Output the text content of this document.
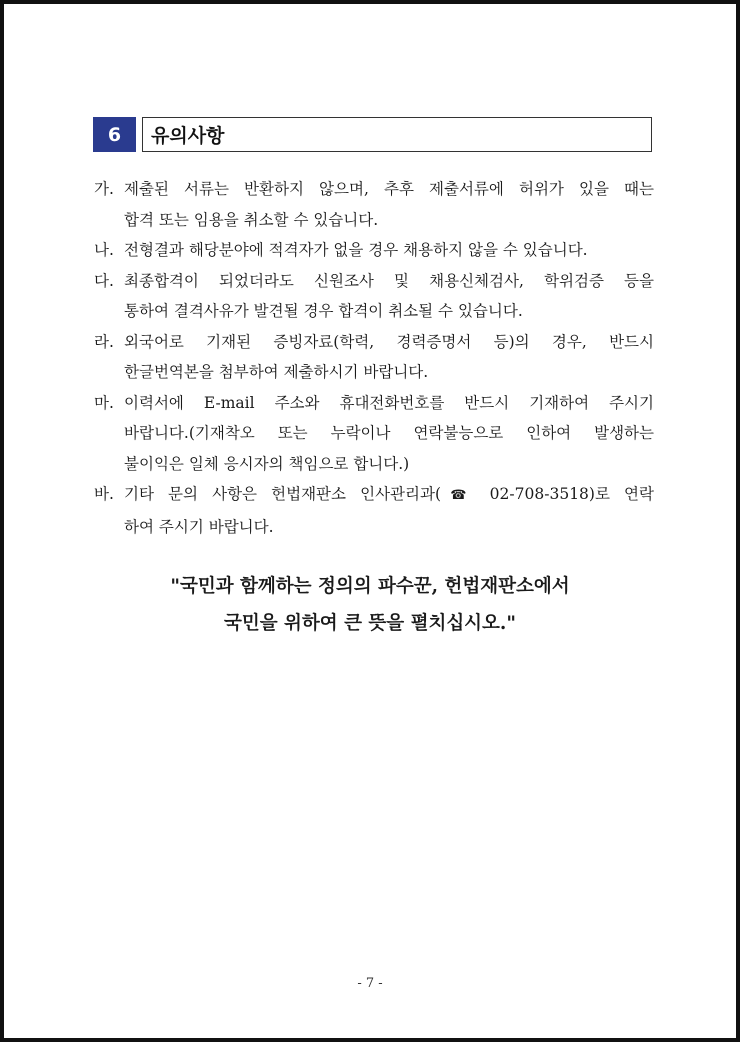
6	유의사항
가. 제출된 서류는 반환하지 않으며, 추후 제출서류에 허위가 있을 때는
합격 또는 임용을 취소할 수 있습니다.
나. 전형결과 해당분야에 적격자가 없을 경우 채용하지 않을 수 있습니다.
다. 최종합격이 되었더라도 신원조사 및 채용신체검사, 학위검증 등을
통하여 결격사유가 발견될 경우 합격이 취소될 수 있습니다.
라. 외국어로 기재된 증빙자료(학력, 경력증명서 등)의 경우, 반드시
한글번역본을 첨부하여 제출하시기 바랍니다.
마. 이력서에 E-mail 주소와 휴대전화번호를 반드시 기재하여 주시기
바랍니다.(기재착오 또는 누락이나 연락불능으로 인하여 발생하는
불이익은 일체 응시자의 책임으로 합니다.)
바. 기타 문의 사항은 헌법재판소 인사관리과(☎ 02-708-3518)로 연락
하여 주시기 바랍니다.
"국민과 함께하는 정의의 파수꾼, 헌법재판소에서
국민을 위하여 큰 뜻을 펼치십시오."
- 7 -
